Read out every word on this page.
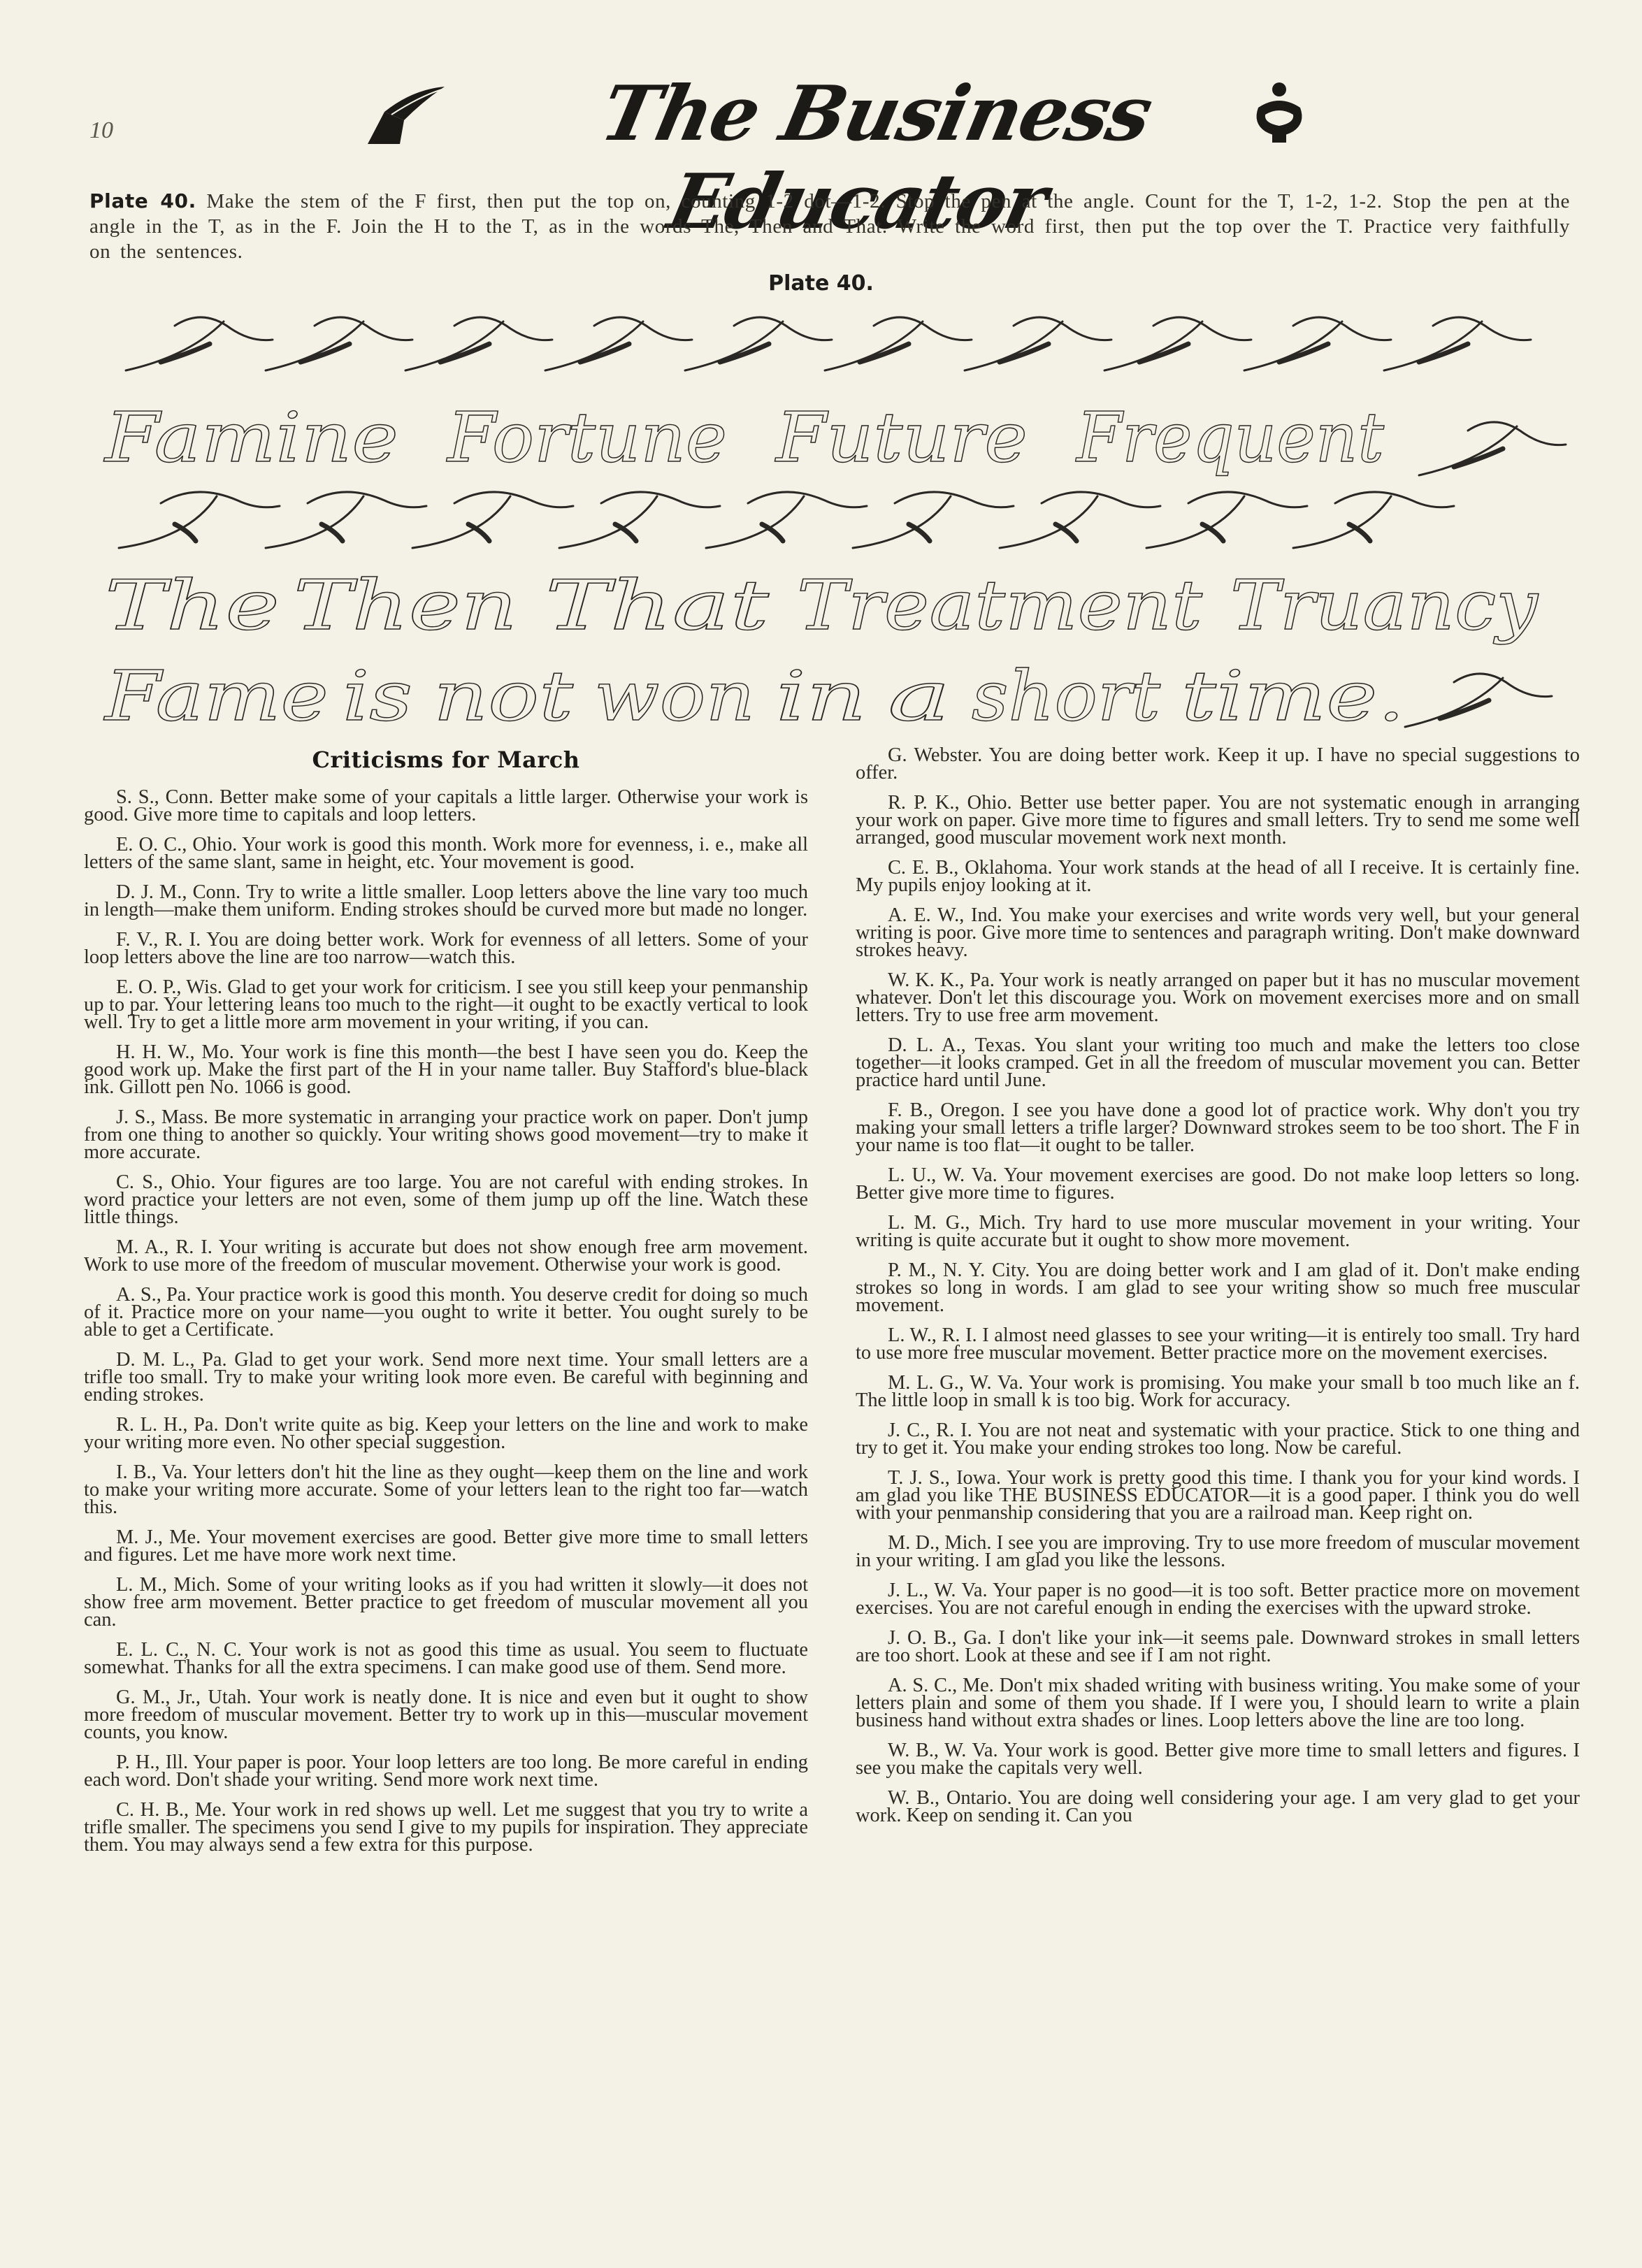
10	The Business Educator
Plate 40. Make the stem of the F first, then put the top on, counting 1-2 dot—1-2. Stop the pen at the angle. Count for the T, 1-2, 1-2. Stop the pen at the angle in the T, as in the F. Join the H to the T, as in the words The, Then and That. Write the word first, then put the top over the T. Practice very faithfully on the sentences.
Plate 40.
Famine Fortune Future Frequent
The Then That Treatment Truancy
Fame is not won in a short time.
Criticisms for March

S. S., Conn. Better make some of your capitals a little larger. Otherwise your work is good. Give more time to capitals and loop letters.

E. O. C., Ohio. Your work is good this month. Work more for evenness, i. e., make all letters of the same slant, same in height, etc. Your movement is good.

D. J. M., Conn. Try to write a little smaller. Loop letters above the line vary too much in length—make them uniform. Ending strokes should be curved more but made no longer.

F. V., R. I. You are doing better work. Work for evenness of all letters. Some of your loop letters above the line are too narrow—watch this.

E. O. P., Wis. Glad to get your work for criticism. I see you still keep your penmanship up to par. Your lettering leans too much to the right—it ought to be exactly vertical to look well. Try to get a little more arm movement in your writing, if you can.

H. H. W., Mo. Your work is fine this month—the best I have seen you do. Keep the good work up. Make the first part of the H in your name taller. Buy Stafford's blue-black ink. Gillott pen No. 1066 is good.

J. S., Mass. Be more systematic in arranging your practice work on paper. Don't jump from one thing to another so quickly. Your writing shows good movement—try to make it more accurate.

C. S., Ohio. Your figures are too large. You are not careful with ending strokes. In word practice your letters are not even, some of them jump up off the line. Watch these little things.

M. A., R. I. Your writing is accurate but does not show enough free arm movement. Work to use more of the freedom of muscular movement. Otherwise your work is good.

A. S., Pa. Your practice work is good this month. You deserve credit for doing so much of it. Practice more on your name—you ought to write it better. You ought surely to be able to get a Certificate.

D. M. L., Pa. Glad to get your work. Send more next time. Your small letters are a trifle too small. Try to make your writing look more even. Be careful with beginning and ending strokes.

R. L. H., Pa. Don't write quite as big. Keep your letters on the line and work to make your writing more even. No other special suggestion.

I. B., Va. Your letters don't hit the line as they ought—keep them on the line and work to make your writing more accurate. Some of your letters lean to the right too far—watch this.

M. J., Me. Your movement exercises are good. Better give more time to small letters and figures. Let me have more work next time.

L. M., Mich. Some of your writing looks as if you had written it slowly—it does not show free arm movement. Better practice to get freedom of muscular movement all you can.

E. L. C., N. C. Your work is not as good this time as usual. You seem to fluctuate somewhat. Thanks for all the extra specimens. I can make good use of them. Send more.

G. M., Jr., Utah. Your work is neatly done. It is nice and even but it ought to show more freedom of muscular movement. Better try to work up in this—muscular movement counts, you know.

P. H., Ill. Your paper is poor. Your loop letters are too long. Be more careful in ending each word. Don't shade your writing. Send more work next time.

C. H. B., Me. Your work in red shows up well. Let me suggest that you try to write a trifle smaller. The specimens you send I give to my pupils for inspiration. They appreciate them. You may always send a few extra for this purpose.

G. Webster. You are doing better work. Keep it up. I have no special suggestions to offer.

R. P. K., Ohio. Better use better paper. You are not systematic enough in arranging your work on paper. Give more time to figures and small letters. Try to send me some well arranged, good muscular movement work next month.

C. E. B., Oklahoma. Your work stands at the head of all I receive. It is certainly fine. My pupils enjoy looking at it.

A. E. W., Ind. You make your exercises and write words very well, but your general writing is poor. Give more time to sentences and paragraph writing. Don't make downward strokes heavy.

W. K. K., Pa. Your work is neatly arranged on paper but it has no muscular movement whatever. Don't let this discourage you. Work on movement exercises more and on small letters. Try to use free arm movement.

D. L. A., Texas. You slant your writing too much and make the letters too close together—it looks cramped. Get in all the freedom of muscular movement you can. Better practice hard until June.

F. B., Oregon. I see you have done a good lot of practice work. Why don't you try making your small letters a trifle larger? Downward strokes seem to be too short. The F in your name is too flat—it ought to be taller.

L. U., W. Va. Your movement exercises are good. Do not make loop letters so long. Better give more time to figures.

L. M. G., Mich. Try hard to use more muscular movement in your writing. Your writing is quite accurate but it ought to show more movement.

P. M., N. Y. City. You are doing better work and I am glad of it. Don't make ending strokes so long in words. I am glad to see your writing show so much free muscular movement.

L. W., R. I. I almost need glasses to see your writing—it is entirely too small. Try hard to use more free muscular movement. Better practice more on the movement exercises.

M. L. G., W. Va. Your work is promising. You make your small b too much like an f. The little loop in small k is too big. Work for accuracy.

J. C., R. I. You are not neat and systematic with your practice. Stick to one thing and try to get it. You make your ending strokes too long. Now be careful.

T. J. S., Iowa. Your work is pretty good this time. I thank you for your kind words. I am glad you like THE BUSINESS EDUCATOR—it is a good paper. I think you do well with your penmanship considering that you are a railroad man. Keep right on.

M. D., Mich. I see you are improving. Try to use more freedom of muscular movement in your writing. I am glad you like the lessons.

J. L., W. Va. Your paper is no good—it is too soft. Better practice more on movement exercises. You are not careful enough in ending the exercises with the upward stroke.

J. O. B., Ga. I don't like your ink—it seems pale. Downward strokes in small letters are too short. Look at these and see if I am not right.

A. S. C., Me. Don't mix shaded writing with business writing. You make some of your letters plain and some of them you shade. If I were you, I should learn to write a plain business hand without extra shades or lines. Loop letters above the line are too long.

W. B., W. Va. Your work is good. Better give more time to small letters and figures. I see you make the capitals very well.

W. B., Ontario. You are doing well considering your age. I am very glad to get your work. Keep on sending it. Can you
